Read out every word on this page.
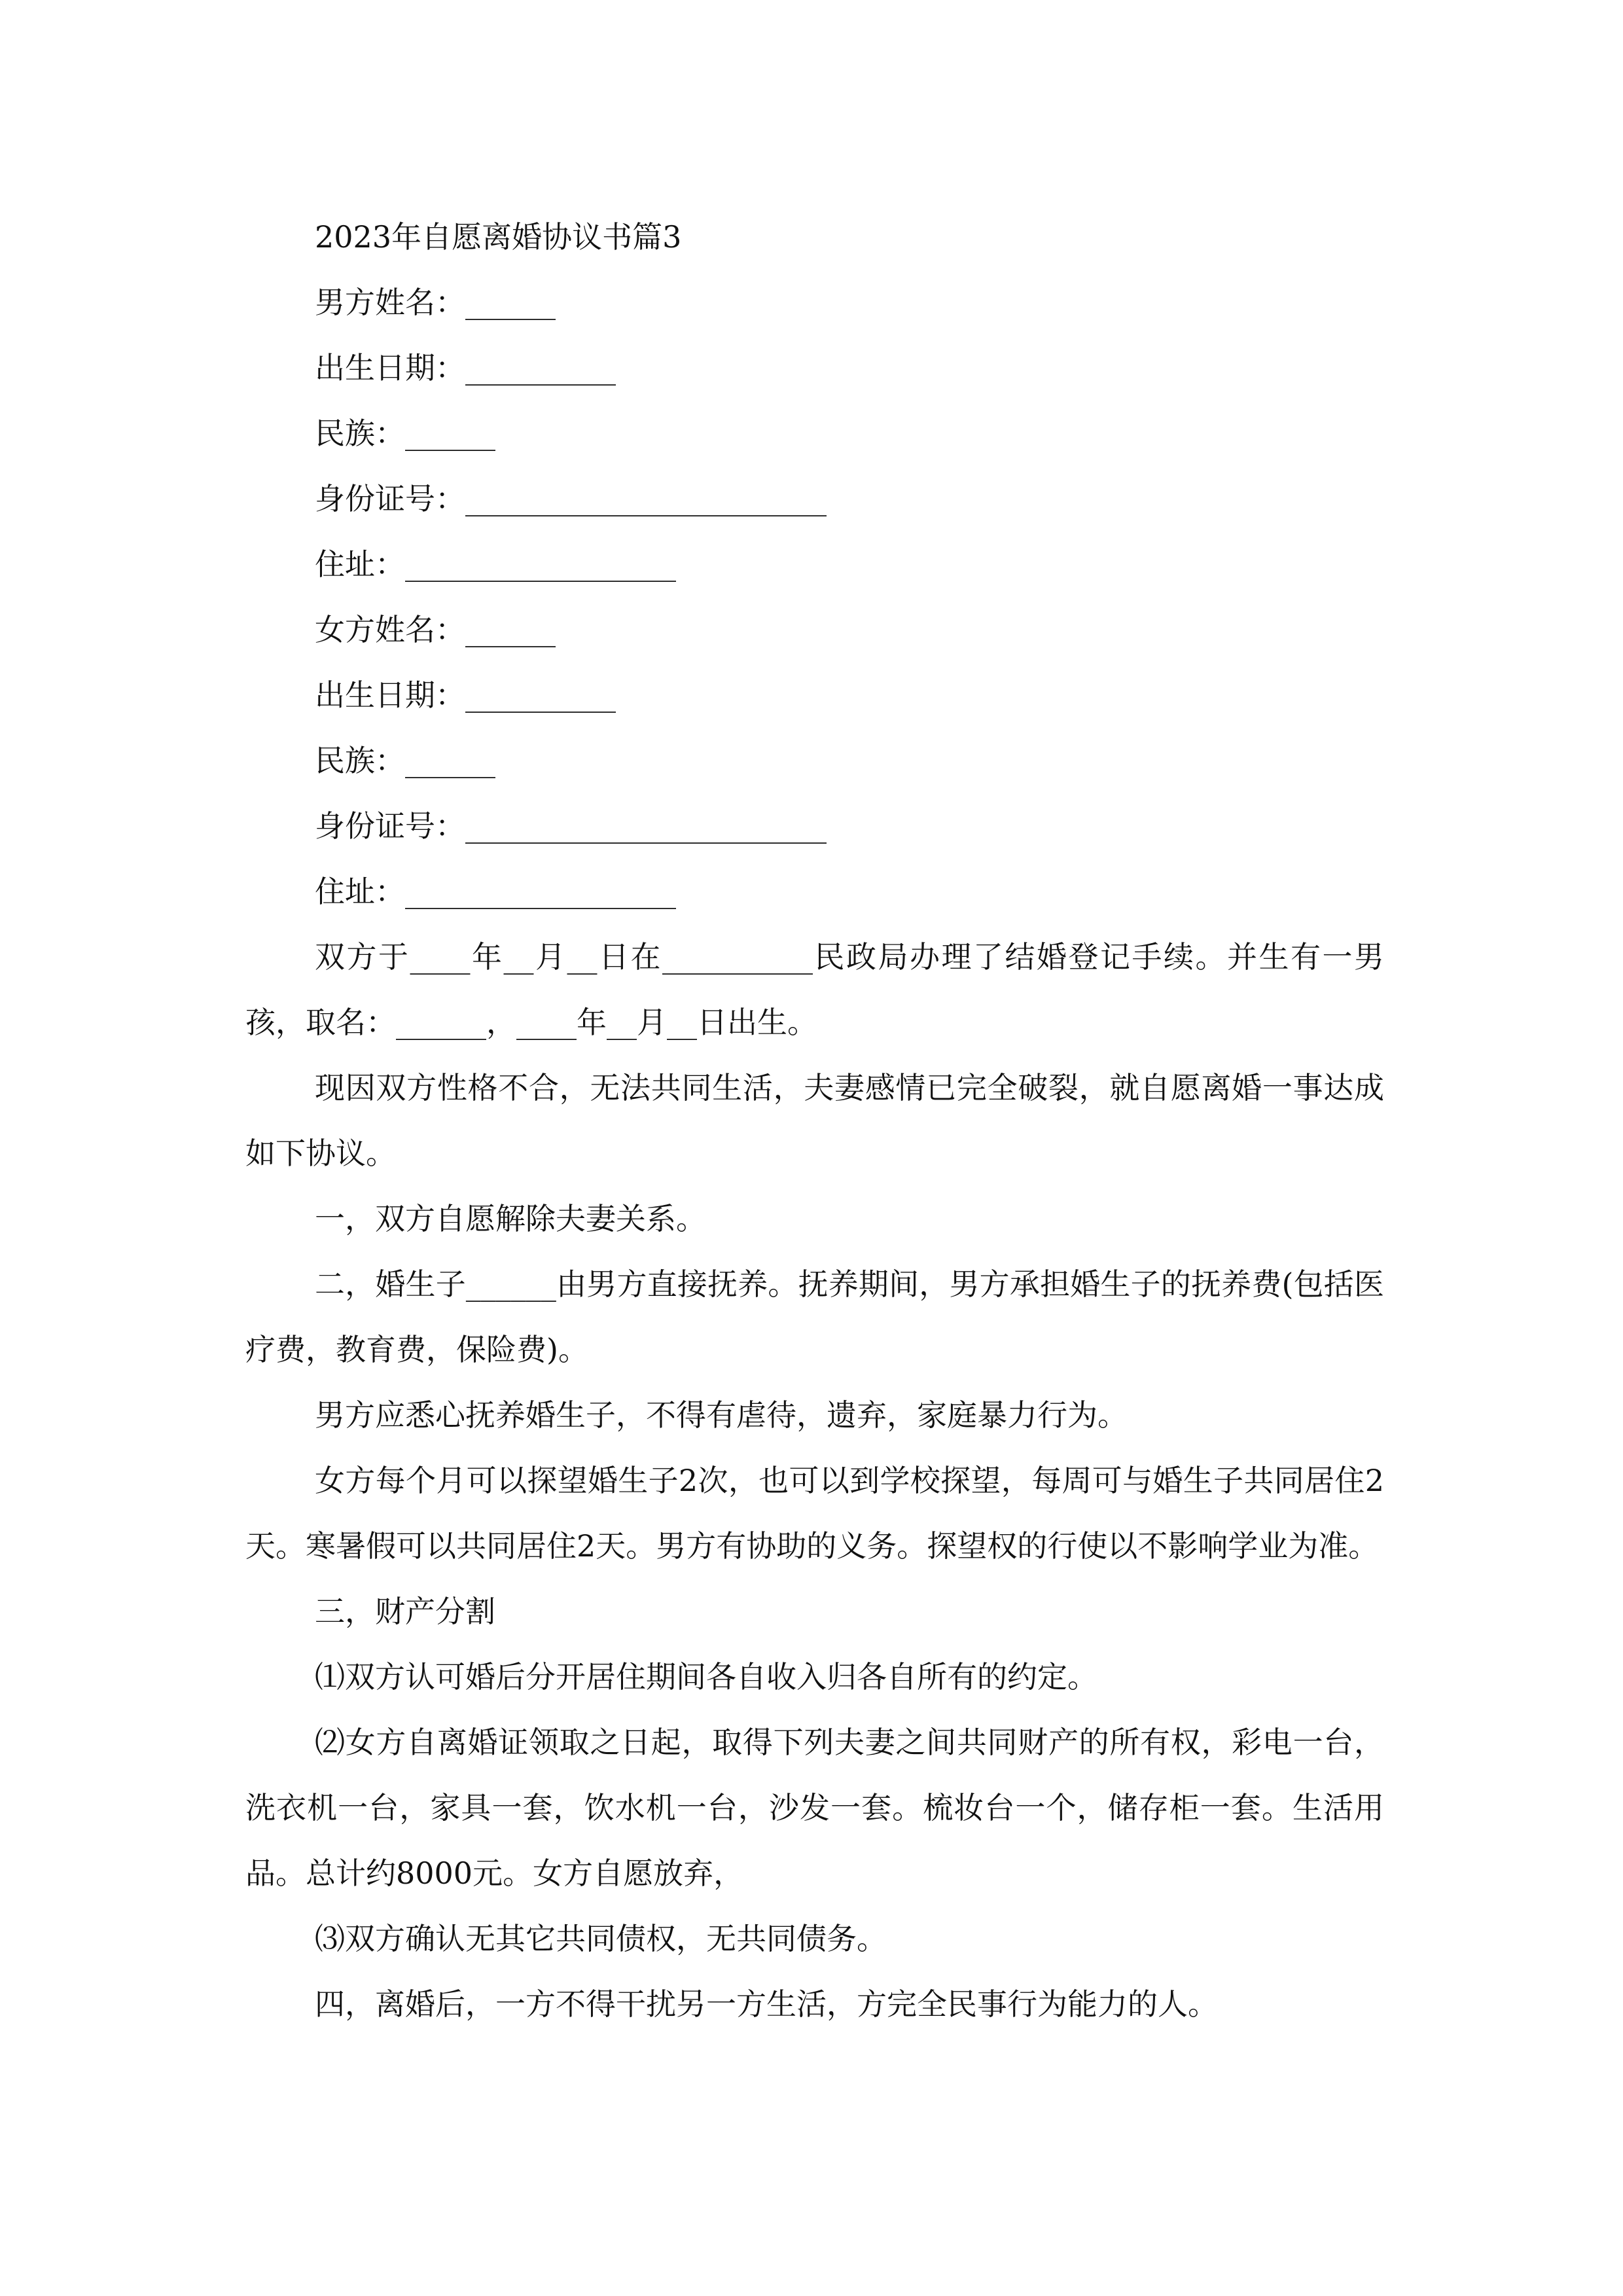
2023年自愿离婚协议书篇3

男方姓名：______

出生日期：__________

民族：______

身份证号：________________________

住址：__________________

女方姓名：______

出生日期：__________

民族：______

身份证号：________________________

住址：__________________

双方于____年__月__日在__________民政局办理了结婚登记手续。并生有一男孩，取名：______，____年__月__日出生。

现因双方性格不合，无法共同生活，夫妻感情已完全破裂，就自愿离婚一事达成如下协议。

一，双方自愿解除夫妻关系。

二，婚生子______由男方直接抚养。抚养期间，男方承担婚生子的抚养费(包括医疗费，教育费，保险费)。

男方应悉心抚养婚生子，不得有虐待，遗弃，家庭暴力行为。

女方每个月可以探望婚生子2次，也可以到学校探望，每周可与婚生子共同居住2天。寒暑假可以共同居住2天。男方有协助的义务。探望权的行使以不影响学业为准。

三，财产分割

⑴双方认可婚后分开居住期间各自收入归各自所有的约定。

⑵女方自离婚证领取之日起，取得下列夫妻之间共同财产的所有权，彩电一台，洗衣机一台，家具一套，饮水机一台，沙发一套。梳妆台一个，储存柜一套。生活用品。总计约8000元。女方自愿放弃，

⑶双方确认无其它共同债权，无共同债务。

四，离婚后，一方不得干扰另一方生活，方完全民事行为能力的人。
